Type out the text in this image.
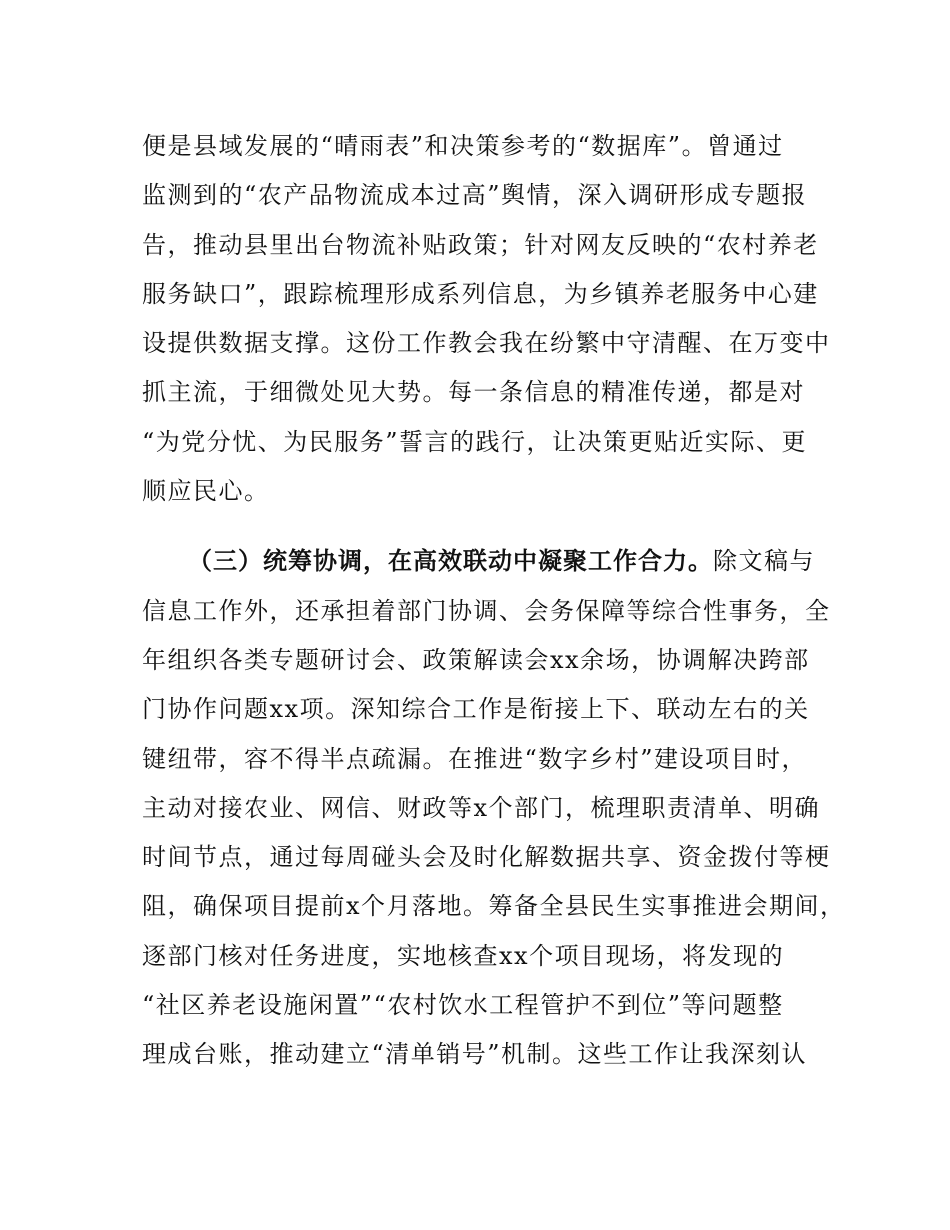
便是县域发展的“晴雨表”和决策参考的“数据库”。曾通过
监测到的“农产品物流成本过高”舆情，深入调研形成专题报
告，推动县里出台物流补贴政策；针对网友反映的“农村养老
服务缺口”，跟踪梳理形成系列信息，为乡镇养老服务中心建
设提供数据支撑。这份工作教会我在纷繁中守清醒、在万变中
抓主流，于细微处见大势。每一条信息的精准传递，都是对
“为党分忧、为民服务”誓言的践行，让决策更贴近实际、更
顺应民心。
（三）统筹协调，在高效联动中凝聚工作合力。除文稿与
信息工作外，还承担着部门协调、会务保障等综合性事务，全
年组织各类专题研讨会、政策解读会xx余场，协调解决跨部
门协作问题xx项。深知综合工作是衔接上下、联动左右的关
键纽带，容不得半点疏漏。在推进“数字乡村”建设项目时，
主动对接农业、网信、财政等x个部门，梳理职责清单、明确
时间节点，通过每周碰头会及时化解数据共享、资金拨付等梗
阻，确保项目提前x个月落地。筹备全县民生实事推进会期间，
逐部门核对任务进度，实地核查xx个项目现场，将发现的
“社区养老设施闲置”“农村饮水工程管护不到位”等问题整
理成台账，推动建立“清单销号”机制。这些工作让我深刻认
